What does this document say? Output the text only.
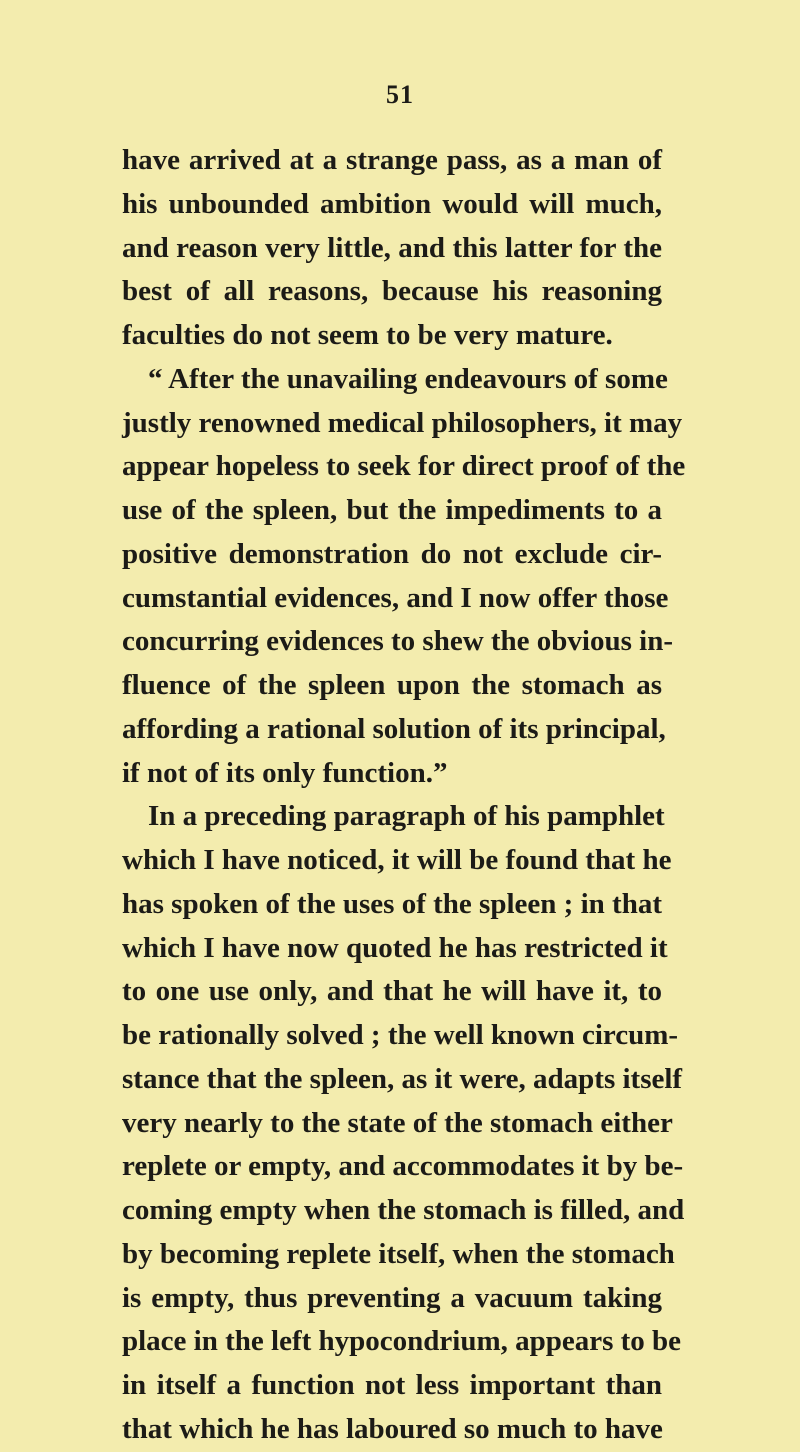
51
have arrived at a strange pass, as a man of
his unbounded ambition would will much,
and reason very little, and this latter for the
best of all reasons, because his reasoning
faculties do not seem to be very mature.
“ After the unavailing endeavours of some
justly renowned medical philosophers, it may
appear hopeless to seek for direct proof of the
use of the spleen, but the impediments to a
positive demonstration do not exclude cir-
cumstantial evidences, and I now offer those
concurring evidences to shew the obvious in-
fluence of the spleen upon the stomach as
affording a rational solution of its principal,
if not of its only function.”
In a preceding paragraph of his pamphlet
which I have noticed, it will be found that he
has spoken of the uses of the spleen ; in that
which I have now quoted he has restricted it
to one use only, and that he will have it, to
be rationally solved ; the well known circum-
stance that the spleen, as it were, adapts itself
very nearly to the state of the stomach either
replete or empty, and accommodates it by be-
coming empty when the stomach is filled, and
by becoming replete itself, when the stomach
is empty, thus preventing a vacuum taking
place in the left hypocondrium, appears to be
in itself a function not less important than
that which he has laboured so much to have
